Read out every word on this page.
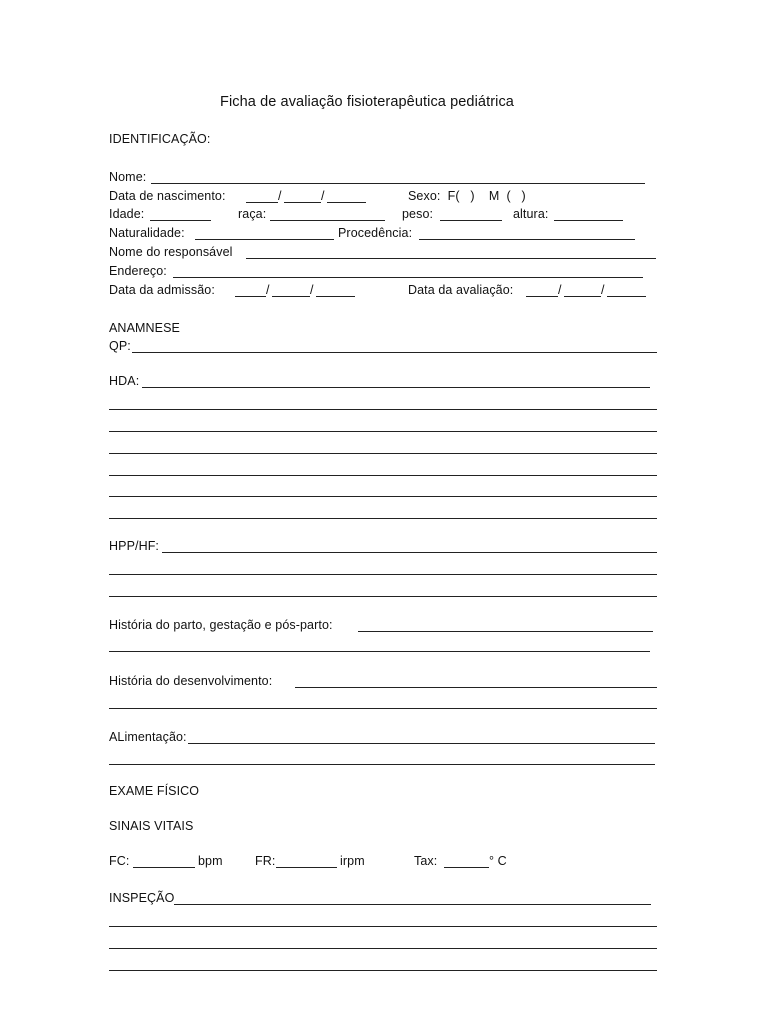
Ficha de avaliação fisioterapêutica pediátrica
IDENTIFICAÇÃO:
Nome:
Data de nascimento:	/	/	Sexo:  F(   )    M  (   )
Idade:	raça:	peso:	altura:
Naturalidade:	Procedência:
Nome do responsável
Endereço:
Data da admissão:	/	/	Data da avaliação:	/	/
ANAMNESE
QP:
HDA:
HPP/HF:
História do parto, gestação e pós-parto:
História do desenvolvimento:
ALimentação:
EXAME FÍSICO
SINAIS VITAIS
FC:	bpm	FR:	irpm	Tax:	° C
INSPEÇÃO
